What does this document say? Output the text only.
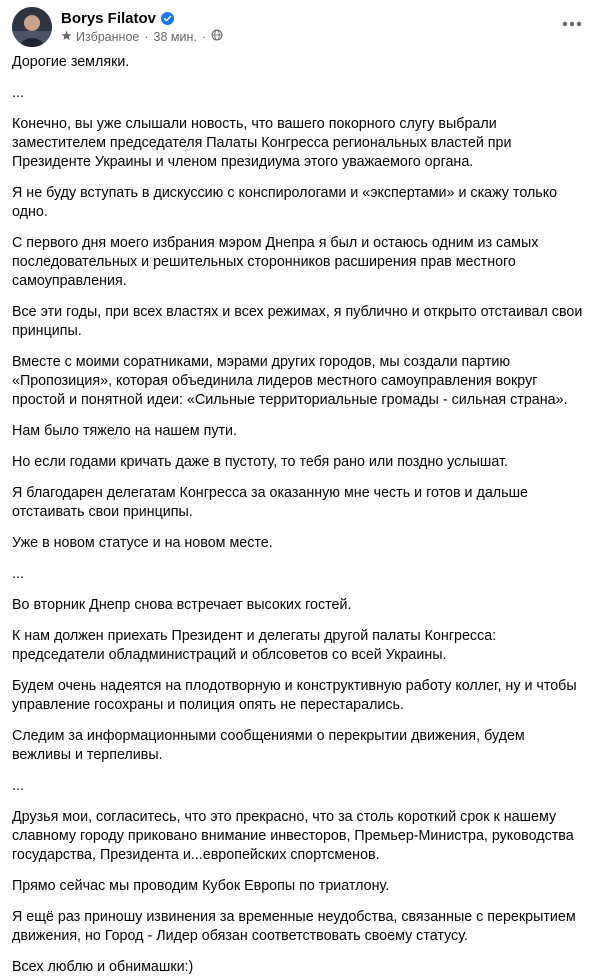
Borys Filatov
Избранное · 38 мин. ·

Дорогие земляки.

...

Конечно, вы уже слышали новость, что вашего покорного слугу выбрали заместителем председателя Палаты Конгресса региональных властей при Президенте Украины и членом президиума этого уважаемого органа.

Я не буду вступать в дискуссию с конспирологами и «экспертами» и скажу только одно.

С первого дня моего избрания мэром Днепра я был и остаюсь одним из самых последовательных и решительных сторонников расширения прав местного самоуправления.

Все эти годы, при всех властях и всех режимах, я публично и открыто отстаивал свои принципы.

Вместе с моими соратниками, мэрами других городов, мы создали партию «Пропозиция», которая объединила лидеров местного самоуправления вокруг простой и понятной идеи: «Сильные территориальные громады - сильная страна».

Нам было тяжело на нашем пути.

Но если годами кричать даже в пустоту, то тебя рано или поздно услышат.

Я благодарен делегатам Конгресса за оказанную мне честь и готов и дальше отстаивать свои принципы.

Уже в новом статусе и на новом месте.

...

Во вторник Днепр снова встречает высоких гостей.

К нам должен приехать Президент и делегаты другой палаты Конгресса: председатели обладминистраций и облсоветов со всей Украины.

Будем очень надеятся на плодотворную и конструктивную работу коллег, ну и чтобы управление госохраны и полиция опять не перестарались.

Следим за информационными сообщениями о перекрытии движения, будем вежливы и терпеливы.

...

Друзья мои, согласитесь, что это прекрасно, что за столь короткий срок к нашему славному городу приковано внимание инвесторов, Премьер-Министра, руководства государства, Президента и...европейских спортсменов.

Прямо сейчас мы проводим Кубок Европы по триатлону.

Я ещё раз приношу извинения за временные неудобства, связанные с перекрытием движения, но Город - Лидер обязан соответствовать своему статусу.

Всех люблю и обнимашки:)
